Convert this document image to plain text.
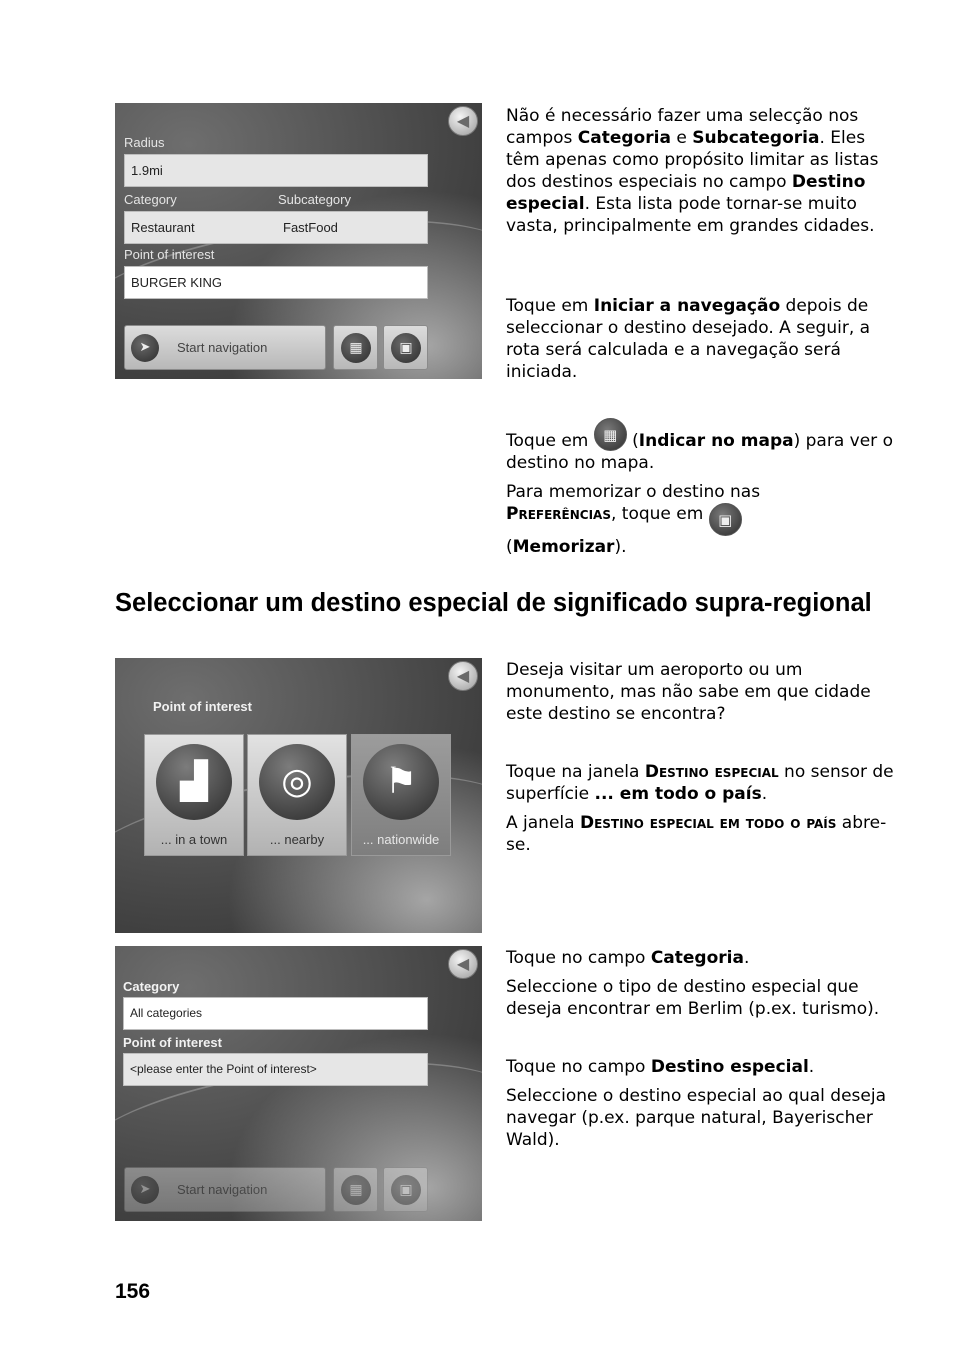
◀
Radius
1.9mi
Category	Subcategory
Restaurant	FastFood
Point of interest
BURGER KING
➤	Start navigation	▦	▣

Não é necessário fazer uma selecção nos campos Categoria e Subcategoria. Eles têm apenas como propósito limitar as listas dos destinos especiais no campo Destino especial. Esta lista pode tornar-se muito vasta, principalmente em grandes cidades.

Toque em Iniciar a navegação depois de seleccionar o destino desejado. A seguir, a rota será calculada e a navegação será iniciada.

Toque em ▦ (Indicar no mapa) para ver o destino no mapa.

Para memorizar o destino nas
Preferências, toque em ▣
(Memorizar).

Seleccionar um destino especial de significado supra-regional
◀
Point of interest
▟
... in a town
◎
... nearby
⚑
... nationwide

Deseja visitar um aeroporto ou um monumento, mas não sabe em que cidade este destino se encontra?

Toque na janela Destino especial no sensor de superfície ... em todo o país.

A janela Destino especial em todo o país abre-se.

◀
Category
All categories
Point of interest
<please enter the Point of interest>
➤	Start navigation	▦	▣

Toque no campo Categoria.

Seleccione o tipo de destino especial que deseja encontrar em Berlim (p.ex. turismo).

Toque no campo Destino especial.

Seleccione o destino especial ao qual deseja navegar (p.ex. parque natural, Bayerischer Wald).

156
